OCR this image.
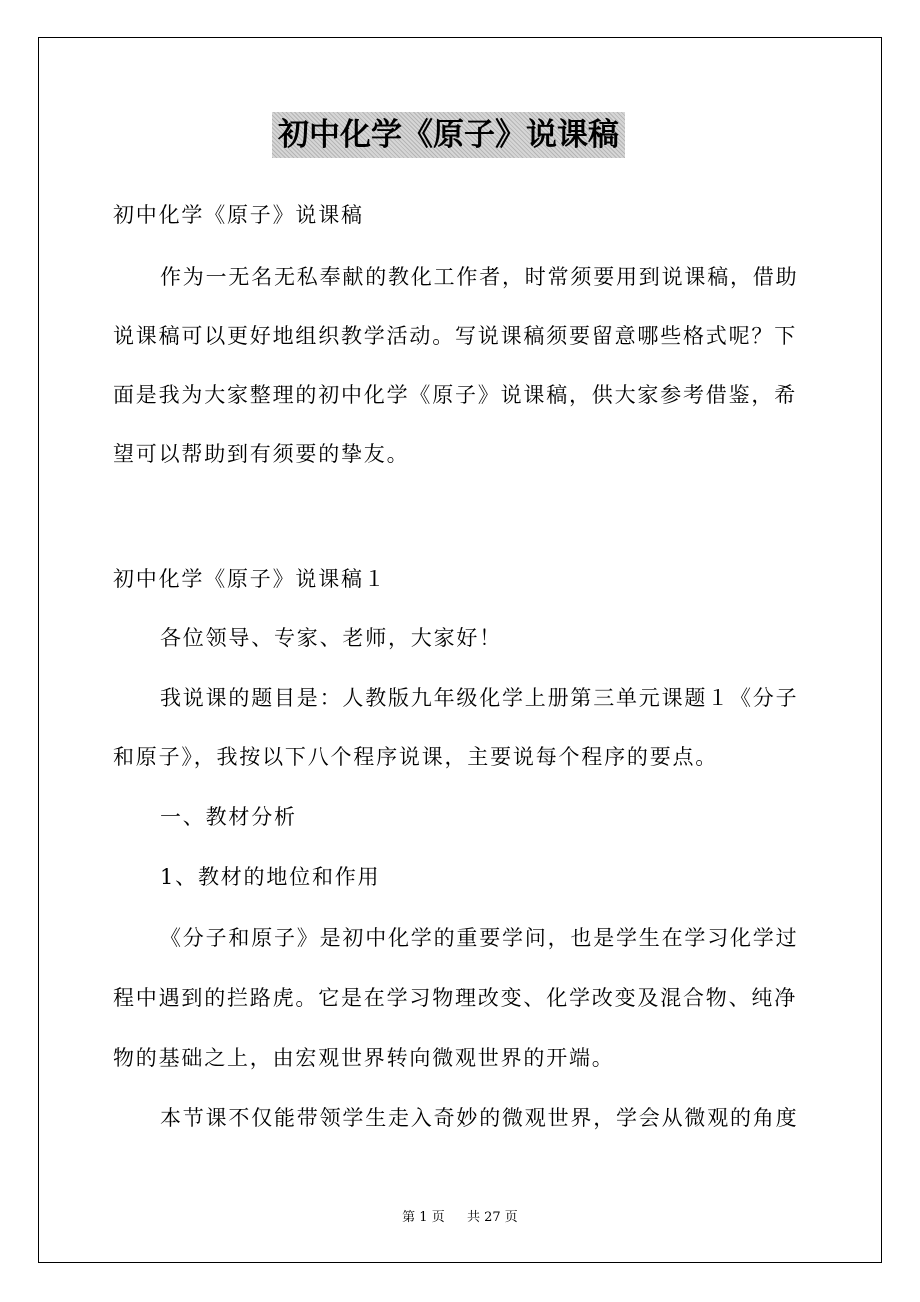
初中化学《原子》说课稿
初中化学《原子》说课稿
作为一无名无私奉献的教化工作者，时常须要用到说课稿，借助
说课稿可以更好地组织教学活动。写说课稿须要留意哪些格式呢？下
面是我为大家整理的初中化学《原子》说课稿，供大家参考借鉴，希
望可以帮助到有须要的挚友。
初中化学《原子》说课稿１
各位领导、专家、老师，大家好！
我说课的题目是：人教版九年级化学上册第三单元课题１《分子
和原子》，我按以下八个程序说课，主要说每个程序的要点。
一、教材分析
1、教材的地位和作用
《分子和原子》是初中化学的重要学问，也是学生在学习化学过
程中遇到的拦路虎。它是在学习物理改变、化学改变及混合物、纯净
物的基础之上，由宏观世界转向微观世界的开端。
本节课不仅能带领学生走入奇妙的微观世界，学会从微观的角度
第 1 页 共 27 页
